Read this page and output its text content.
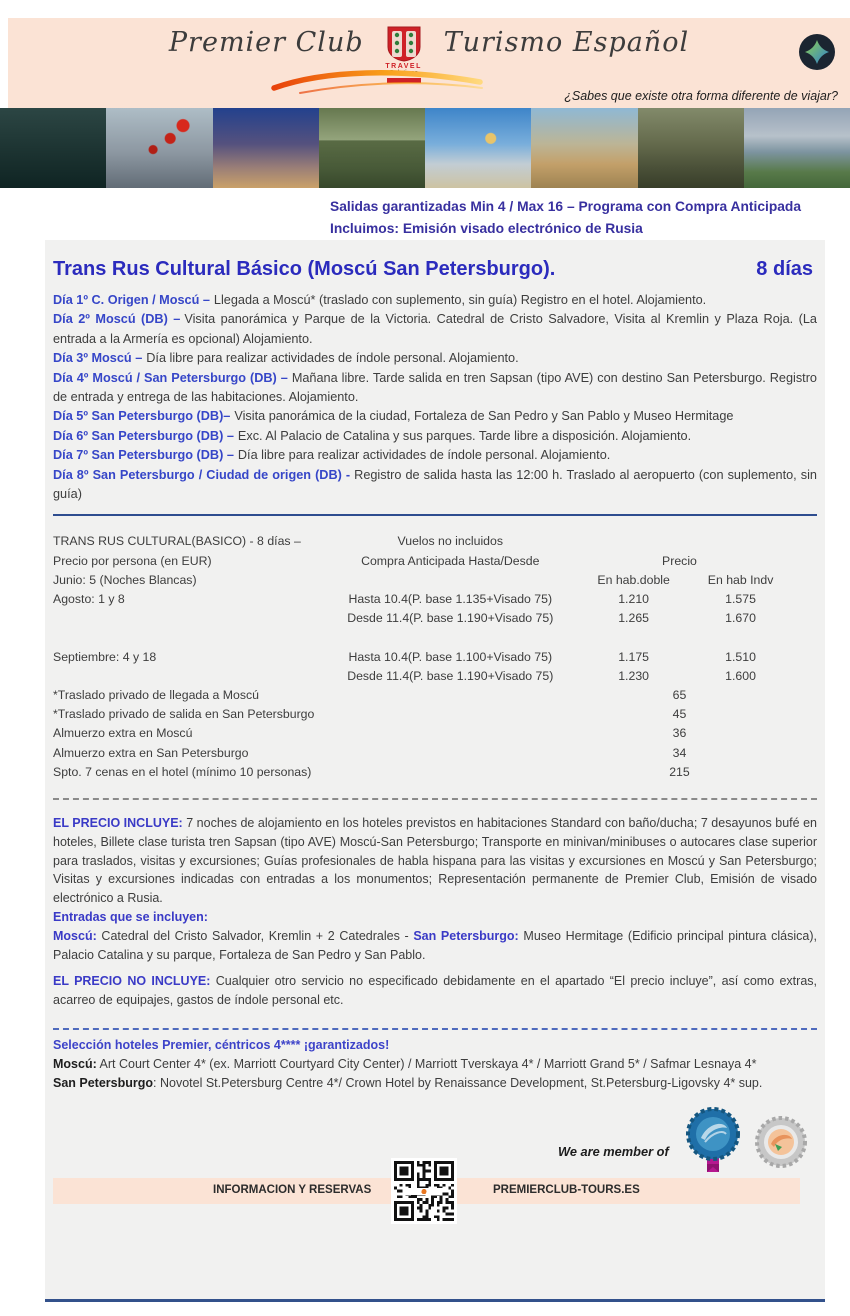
Premier Club
TRAVEL
Solutions
Turismo Español
¿Sabes que existe otra forma diferente de viajar?
Salidas garantizadas Min 4 / Max 16 – Programa con Compra Anticipada
Incluimos: Emisión visado electrónico de Rusia
Trans Rus Cultural Básico (Moscú San Petersburgo).	8 días

Día 1º C. Origen / Moscú – Llegada a Moscú* (traslado con suplemento, sin guía) Registro en el hotel. Alojamiento.

Día 2º Moscú (DB) – Visita panorámica y Parque de la Victoria. Catedral de Cristo Salvadore, Visita al Kremlin y Plaza Roja. (La entrada a la Armería es opcional) Alojamiento.

Día 3º Moscú – Día libre para realizar actividades de índole personal. Alojamiento.

Día 4º Moscú / San Petersburgo (DB) – Mañana libre. Tarde salida en tren Sapsan (tipo AVE) con destino San Petersburgo. Registro de entrada y entrega de las habitaciones. Alojamiento.

Día 5º San Petersburgo (DB)– Visita panorámica de la ciudad, Fortaleza de San Pedro y San Pablo y Museo Hermitage

Día 6º San Petersburgo (DB) – Exc. Al Palacio de Catalina y sus parques. Tarde libre a disposición. Alojamiento.

Día 7º San Petersburgo (DB) – Día libre para realizar actividades de índole personal. Alojamiento.

Día 8º San Petersburgo / Ciudad de origen (DB) - Registro de salida hasta las 12:00 h. Traslado al aeropuerto (con suplemento, sin guía)

TRANS RUS CULTURAL(BASICO) - 8 días –	Vuelos no incluidos
Precio por persona (en EUR)	Compra Anticipada Hasta/Desde	Precio
Junio: 5 (Noches Blancas)	En hab.doble	En hab Indv
Agosto: 1 y 8	Hasta 10.4(P. base 1.135+Visado 75)	1.210	1.575
Desde 11.4(P. base 1.190+Visado 75)	1.265	1.670
Septiembre: 4 y 18	Hasta 10.4(P. base 1.100+Visado 75)	1.175	1.510
Desde 11.4(P. base 1.190+Visado 75)	1.230	1.600
*Traslado privado de llegada a Moscú	65
*Traslado privado de salida en San Petersburgo	45
Almuerzo extra en Moscú	36
Almuerzo extra en San Petersburgo	34
Spto. 7 cenas en el hotel (mínimo 10 personas)	215

EL PRECIO INCLUYE: 7 noches de alojamiento en los hoteles previstos en habitaciones Standard con baño/ducha; 7 desayunos bufé en hoteles, Billete clase turista tren Sapsan (tipo AVE) Moscú-San Petersburgo; Transporte en minivan/minibuses o autocares clase superior para traslados, visitas y excursiones; Guías profesionales de habla hispana para las visitas y excursiones en Moscú y San Petersburgo; Visitas y excursiones indicadas con entradas a los monumentos; Representación permanente de Premier Club, Emisión de visado electrónico a Rusia.

Entradas que se incluyen:

Moscú: Catedral del Cristo Salvador, Kremlin + 2 Catedrales - San Petersburgo: Museo Hermitage (Edificio principal pintura clásica), Palacio Catalina y su parque, Fortaleza de San Pedro y San Pablo.

EL PRECIO NO INCLUYE: Cualquier otro servicio no especificado debidamente en el apartado “El precio incluye”, así como extras, acarreo de equipajes, gastos de índole personal etc.

Selección hoteles Premier, céntricos 4**** ¡garantizados!

Moscú: Art Court Center 4* (ex. Marriott Courtyard City Center) / Marriott Tverskaya 4* / Marriott Grand 5* / Safmar Lesnaya 4*

San Petersburgo: Novotel St.Petersburg Centre 4*/ Crown Hotel by Renaissance Development, St.Petersburg-Ligovsky 4* sup.

We are member of
INFORMACION Y RESERVAS	PREMIERCLUB-TOURS.ES
